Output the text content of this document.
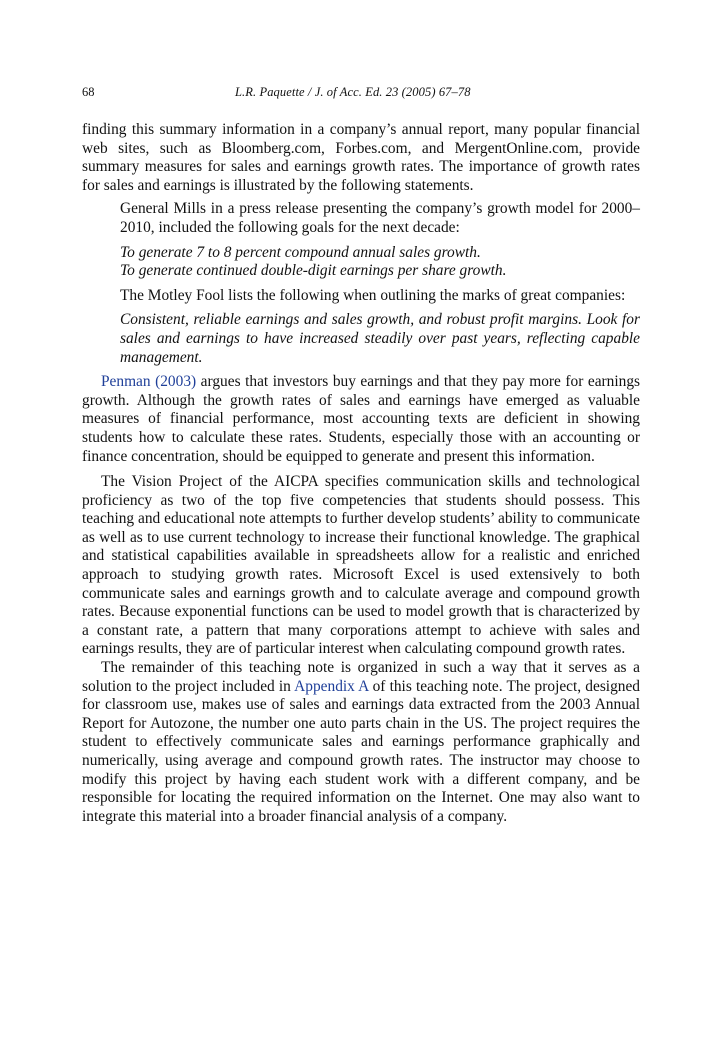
68	L.R. Paquette / J. of Acc. Ed. 23 (2005) 67–78

finding this summary information in a company’s annual report, many popular financial web sites, such as Bloomberg.com, Forbes.com, and MergentOnline.com, provide summary measures for sales and earnings growth rates. The importance of growth rates for sales and earnings is illustrated by the following statements.

General Mills in a press release presenting the company’s growth model for 2000–2010, included the following goals for the next decade:

To generate 7 to 8 percent compound annual sales growth.
To generate continued double-digit earnings per share growth.

The Motley Fool lists the following when outlining the marks of great companies:

Consistent, reliable earnings and sales growth, and robust profit margins. Look for sales and earnings to have increased steadily over past years, reflecting capable management.

Penman (2003) argues that investors buy earnings and that they pay more for earnings growth. Although the growth rates of sales and earnings have emerged as valuable measures of financial performance, most accounting texts are deficient in showing students how to calculate these rates. Students, especially those with an accounting or finance concentration, should be equipped to generate and present this information.

The Vision Project of the AICPA specifies communication skills and technological proficiency as two of the top five competencies that students should possess. This teaching and educational note attempts to further develop students’ ability to communicate as well as to use current technology to increase their functional knowledge. The graphical and statistical capabilities available in spreadsheets allow for a realistic and enriched approach to studying growth rates. Microsoft Excel is used extensively to both communicate sales and earnings growth and to calculate average and compound growth rates. Because exponential functions can be used to model growth that is characterized by a constant rate, a pattern that many corporations attempt to achieve with sales and earnings results, they are of particular interest when calculating compound growth rates.

The remainder of this teaching note is organized in such a way that it serves as a solution to the project included in Appendix A of this teaching note. The project, designed for classroom use, makes use of sales and earnings data extracted from the 2003 Annual Report for Autozone, the number one auto parts chain in the US. The project requires the student to effectively communicate sales and earnings performance graphically and numerically, using average and compound growth rates. The instructor may choose to modify this project by having each student work with a different company, and be responsible for locating the required information on the Internet. One may also want to integrate this material into a broader financial analysis of a company.
